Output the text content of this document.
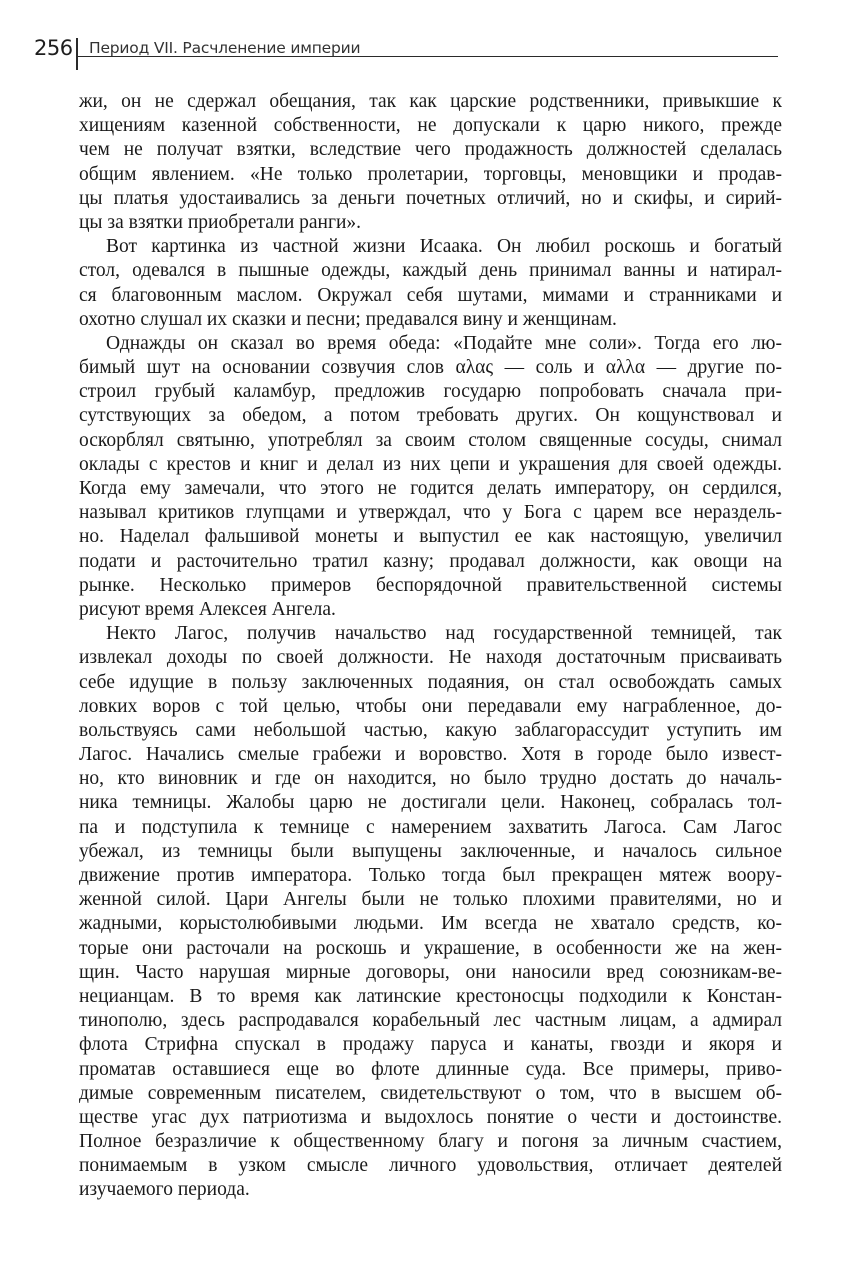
256 Период VII. Расчленение империи
жи, он не сдержал обещания, так как царские родственники, привыкшие к
хищениям казенной собственности, не допускали к царю никого, прежде
чем не получат взятки, вследствие чего продажность должностей сделалась
общим явлением. «Не только пролетарии, торговцы, меновщики и продав-
цы платья удостаивались за деньги почетных отличий, но и скифы, и сирий-
цы за взятки приобретали ранги».
Вот картинка из частной жизни Исаака. Он любил роскошь и богатый
стол, одевался в пышные одежды, каждый день принимал ванны и натирал-
ся благовонным маслом. Окружал себя шутами, мимами и странниками и
охотно слушал их сказки и песни; предавался вину и женщинам.
Однажды он сказал во время обеда: «Подайте мне соли». Тогда его лю-
бимый шут на основании созвучия слов αλας — соль и αλλα — другие по-
строил грубый каламбур, предложив государю попробовать сначала при-
сутствующих за обедом, а потом требовать других. Он кощунствовал и
оскорблял святыню, употреблял за своим столом священные сосуды, снимал
оклады с крестов и книг и делал из них цепи и украшения для своей одежды.
Когда ему замечали, что этого не годится делать императору, он сердился,
называл критиков глупцами и утверждал, что у Бога с царем все нераздель-
но. Наделал фальшивой монеты и выпустил ее как настоящую, увеличил
подати и расточительно тратил казну; продавал должности, как овощи на
рынке. Несколько примеров беспорядочной правительственной системы
рисуют время Алексея Ангела.
Некто Лагос, получив начальство над государственной темницей, так
извлекал доходы по своей должности. Не находя достаточным присваивать
себе идущие в пользу заключенных подаяния, он стал освобождать самых
ловких воров с той целью, чтобы они передавали ему награбленное, до-
вольствуясь сами небольшой частью, какую заблагорассудит уступить им
Лагос. Начались смелые грабежи и воровство. Хотя в городе было извест-
но, кто виновник и где он находится, но было трудно достать до началь-
ника темницы. Жалобы царю не достигали цели. Наконец, собралась тол-
па и подступила к темнице с намерением захватить Лагоса. Сам Лагос
убежал, из темницы были выпущены заключенные, и началось сильное
движение против императора. Только тогда был прекращен мятеж воору-
женной силой. Цари Ангелы были не только плохими правителями, но и
жадными, корыстолюбивыми людьми. Им всегда не хватало средств, ко-
торые они расточали на роскошь и украшение, в особенности же на жен-
щин. Часто нарушая мирные договоры, они наносили вред союзникам-ве-
нецианцам. В то время как латинские крестоносцы подходили к Констан-
тинополю, здесь распродавался корабельный лес частным лицам, а адмирал
флота Стрифна спускал в продажу паруса и канаты, гвозди и якоря и
проматав оставшиеся еще во флоте длинные суда. Все примеры, приво-
димые современным писателем, свидетельствуют о том, что в высшем об-
ществе угас дух патриотизма и выдохлось понятие о чести и достоинстве.
Полное безразличие к общественному благу и погоня за личным счастием,
понимаемым в узком смысле личного удовольствия, отличает деятелей
изучаемого периода.
